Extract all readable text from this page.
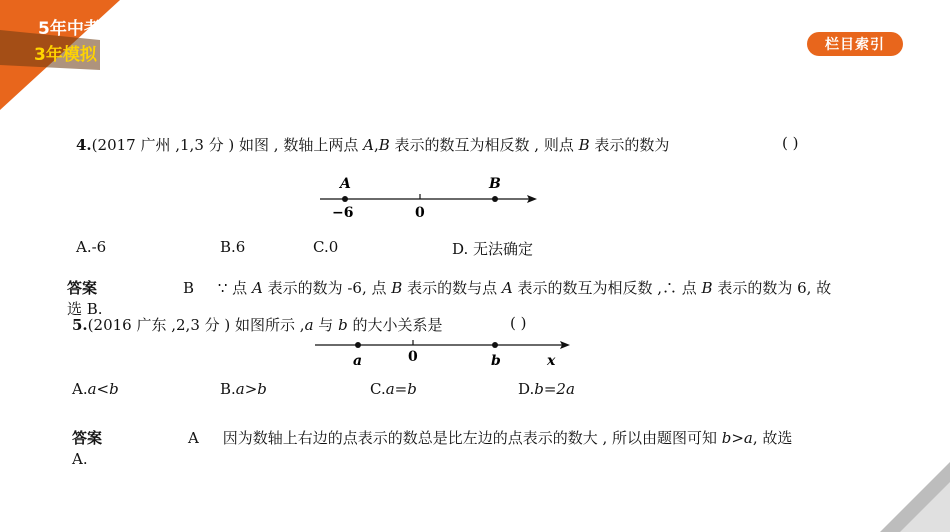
5年中考
3年模拟	栏目索引
4.(2017 广州 ,1,3 分 ) 如图 , 数轴上两点 A,B 表示的数互为相反数 , 则点 B 表示的数为	( )
A	B
−6	0
A.-6	B.6	C.0	D. 无法确定
答案	B ∵ 点 A 表示的数为 -6, 点 B 表示的数与点 A 表示的数互为相反数 ,∴ 点 B 表示的数为 6, 故
选 B.
5.(2016 广东 ,2,3 分 ) 如图所示 ,a 与 b 的大小关系是	( )
a	0	b	x
A.a<b	B.a>b	C.a=b	D.b=2a
答案	A 因为数轴上右边的点表示的数总是比左边的点表示的数大 , 所以由题图可知 b>a, 故选
A.
